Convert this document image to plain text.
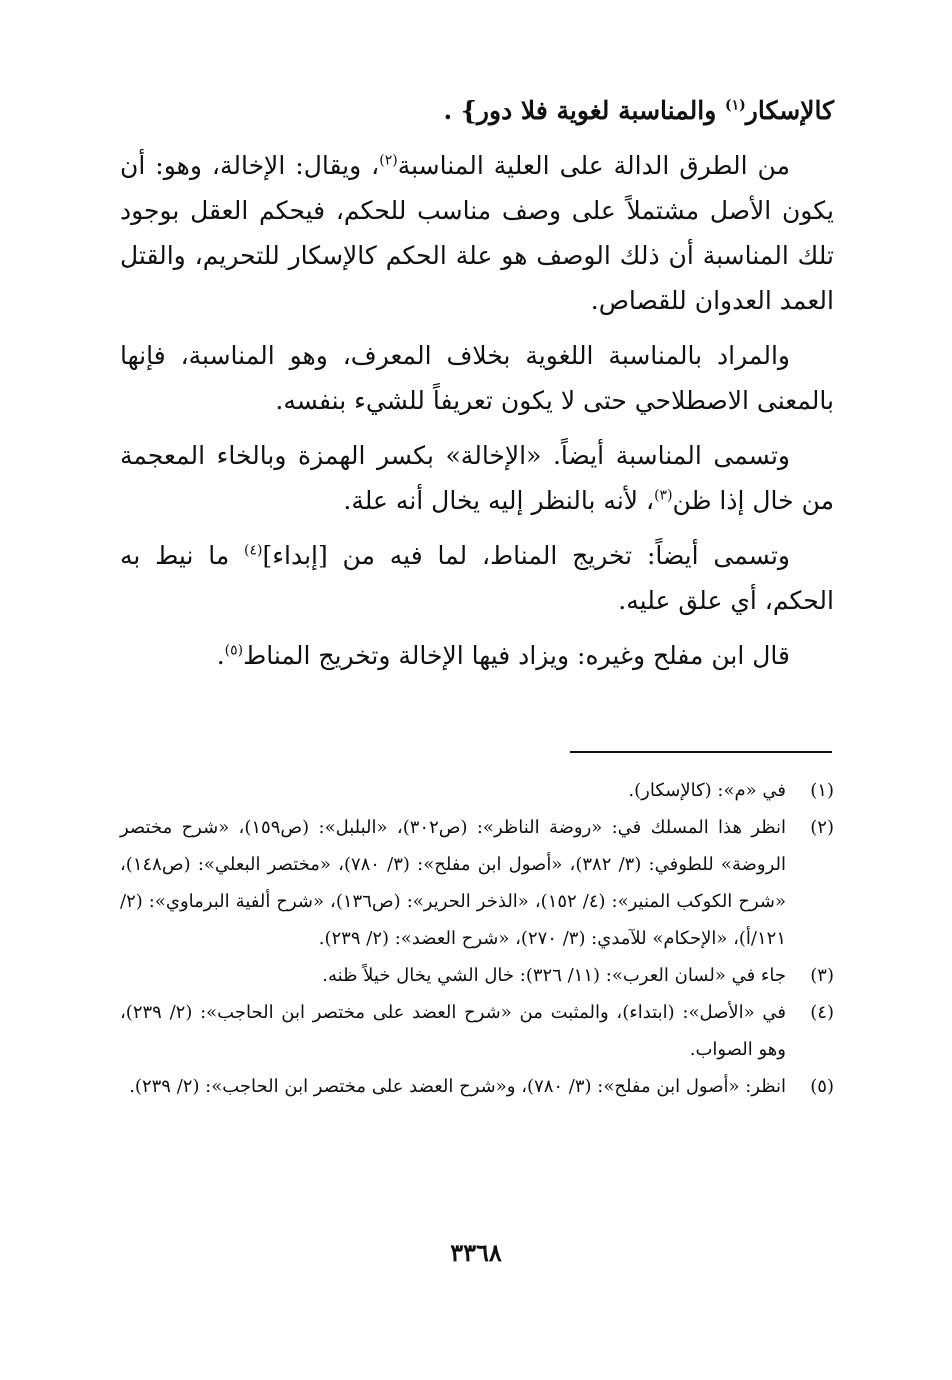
كالإسكار$^{(١)}$ والمناسبة لغوية فلا دور} .

من الطرق الدالة على العلية المناسبة$^{(٢)}$، ويقال: الإخالة، وهو: أن يكون الأصل مشتملاً على وصف مناسب للحكم، فيحكم العقل بوجود تلك المناسبة أن ذلك الوصف هو علة الحكم كالإسكار للتحريم، والقتل العمد العدوان للقصاص.

والمراد بالمناسبة اللغوية بخلاف المعرف، وهو المناسبة، فإنها بالمعنى الاصطلاحي حتى لا يكون تعريفاً للشيء بنفسه.

وتسمى المناسبة أيضاً. «الإخالة» بكسر الهمزة وبالخاء المعجمة من خال إذا ظن$^{(٣)}$، لأنه بالنظر إليه يخال أنه علة.

وتسمى أيضاً: تخريج المناط، لما فيه من [إبداء]$^{(٤)}$ ما نيط به الحكم، أي علق عليه.

قال ابن مفلح وغيره: ويزاد فيها الإخالة وتخريج المناط$^{(٥)}$.

(١)
في «م»: (كالإسكار).
(٢)
انظر هذا المسلك في: «روضة الناظر»: (ص٣٠٢)، «البلبل»: (ص١٥٩)، «شرح مختصر الروضة» للطوفي: (٣/ ٣٨٢)، «أصول ابن مفلح»: (٣/ ٧٨٠)، «مختصر البعلي»: (ص١٤٨)، «شرح الكوكب المنير»: (٤/ ١٥٢)، «الذخر الحرير»: (ص١٣٦)، «شرح ألفية البرماوي»: (٢/ ١٢١/أ)، «الإحكام» للآمدي: (٣/ ٢٧٠)، «شرح العضد»: (٢/ ٢٣٩).
(٣)
جاء في «لسان العرب»: (١١/ ٣٢٦): خال الشي يخال خيلاً ظنه.
(٤)
في «الأصل»: (ابتداء)، والمثبت من «شرح العضد على مختصر ابن الحاجب»: (٢/ ٢٣٩)، وهو الصواب.
(٥)
انظر: «أصول ابن مفلح»: (٣/ ٧٨٠)، و«شرح العضد على مختصر ابن الحاجب»: (٢/ ٢٣٩).
٣٣٦٨
